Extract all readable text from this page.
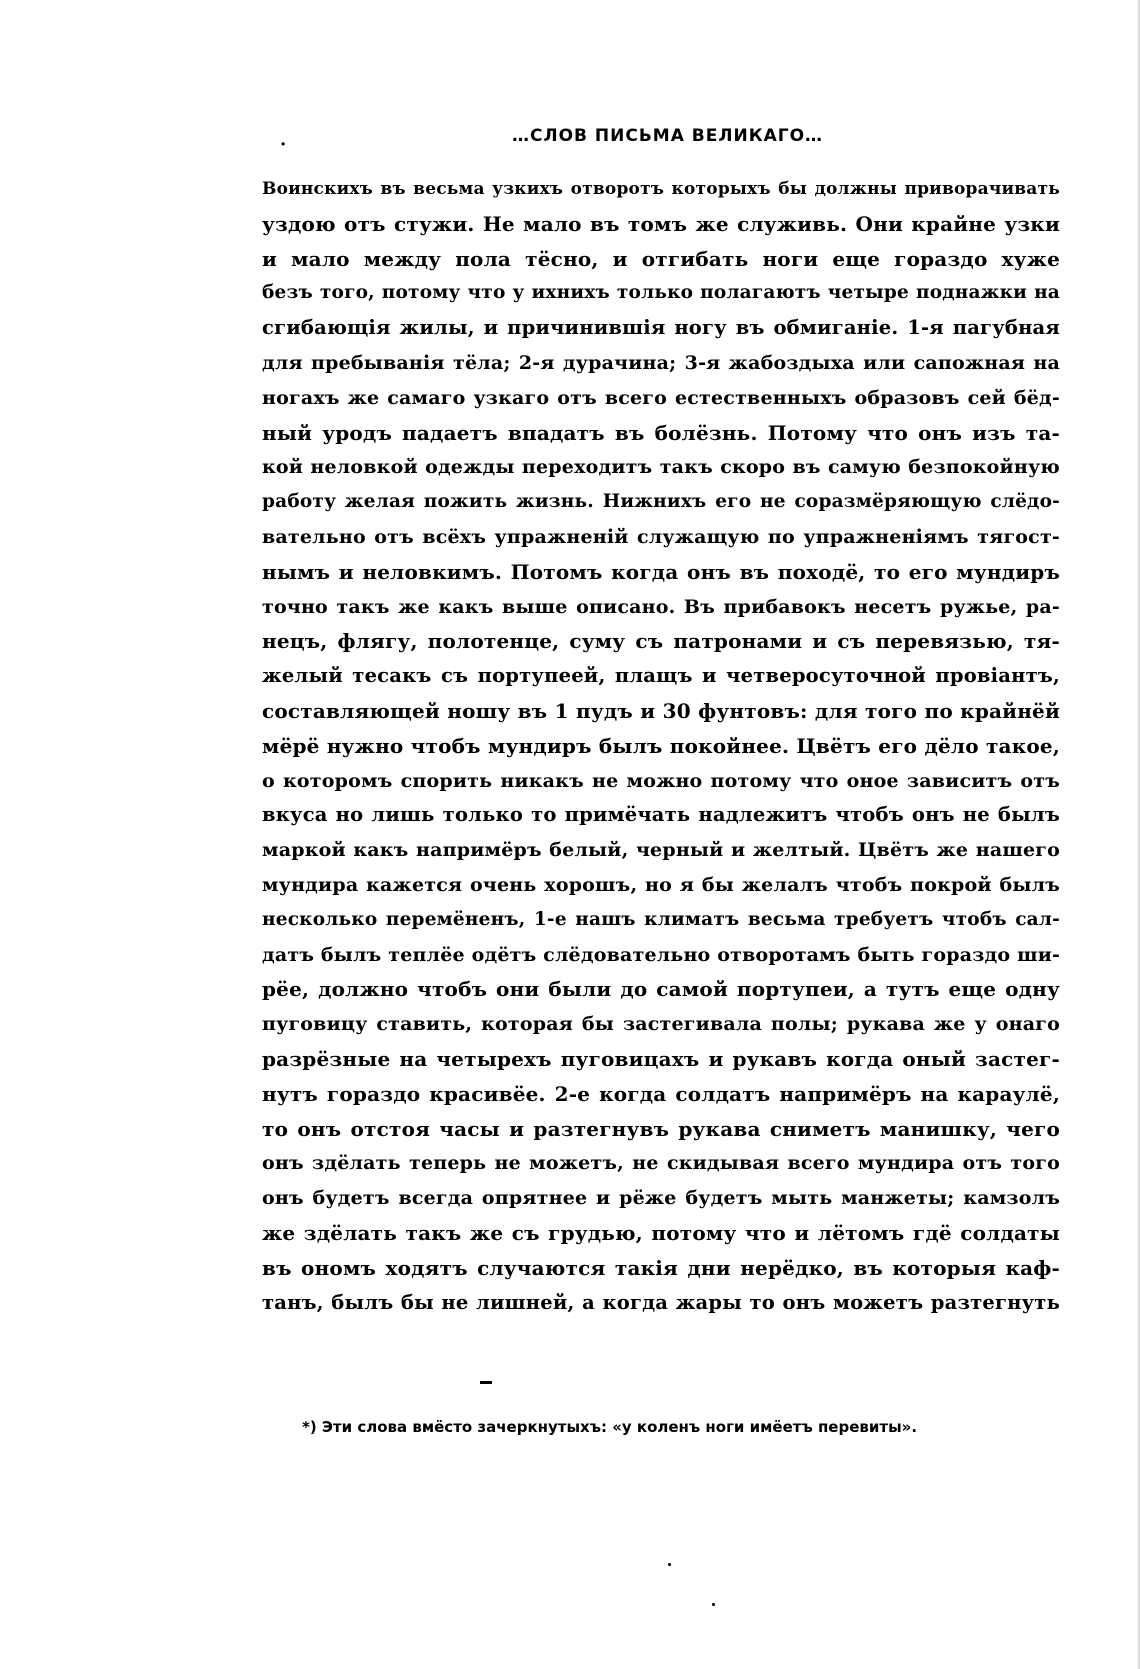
·	…СЛОВ ПИСЬМА ВЕЛИКАГО…
Воинскихъ въ весьма узкихъ отворотъ которыхъ бы должны приворачивать
уздою отъ стужи. Не мало въ томъ же служивь. Они крайне узки
и мало между пола тёсно, и отгибать ноги еще гораздо хуже
безъ того, потому что у ихнихъ только полагаютъ четыре поднажки на
сгибающія жилы, и причинившія ногу въ обмиганіе. 1-я пагубная
для пребыванія тёла; 2-я дурачина; 3-я жабоздыха или сапожная на
ногахъ же самаго узкаго отъ всего естественныхъ образовъ сей бёд-
ный уродъ падаетъ впадатъ въ болёзнь. Потому что онъ изъ та-
кой неловкой одежды переходитъ такъ скоро въ самую безпокойную
работу желая пожить жизнь. Нижнихъ его не соразмёряющую слёдо-
вательно отъ всёхъ упражненій служащую по упражненіямъ тягост-
нымъ и неловкимъ. Потомъ когда онъ въ походё, то его мундиръ
точно такъ же какъ выше описано. Въ прибавокъ несетъ ружье, ра-
нецъ, флягу, полотенце, суму съ патронами и съ перевязью, тя-
желый тесакъ съ портупеей, плащъ и четверосуточной провіантъ,
составляющей ношу въ 1 пудъ и 30 фунтовъ: для того по крайнёй
мёрё нужно чтобъ мундиръ былъ покойнее. Цвётъ его дёло такое,
о которомъ спорить никакъ не можно потому что оное зависитъ отъ
вкуса но лишь только то примёчать надлежитъ чтобъ онъ не былъ
маркой какъ напримёръ белый, черный и желтый. Цвётъ же нашего
мундира кажется очень хорошъ, но я бы желалъ чтобъ покрой былъ
несколько перемёненъ, 1-е нашъ климатъ весьма требуетъ чтобъ сал-
датъ былъ теплёе одётъ слёдовательно отворотамъ быть гораздо ши-
рёе, должно чтобъ они были до самой портупеи, а тутъ еще одну
пуговицу ставить, которая бы застегивала полы; рукава же у онаго
разрёзные на четырехъ пуговицахъ и рукавъ когда оный застег-
нутъ гораздо красивёе. 2-е когда солдатъ напримёръ на караулё,
то онъ отстоя часы и разтегнувъ рукава сниметъ манишку, чего
онъ здёлать теперь не можетъ, не скидывая всего мундира отъ того
онъ будетъ всегда опрятнее и рёже будетъ мыть манжеты; камзолъ
же здёлать такъ же съ грудью, потому что и лётомъ гдё солдаты
въ ономъ ходятъ случаются такія дни нерёдко, въ которыя каф-
танъ, былъ бы не лишней, а когда жары то онъ можетъ разтегнуть
*) Эти слова вмёсто зачеркнутыхъ: «у коленъ ноги имёетъ перевиты».
